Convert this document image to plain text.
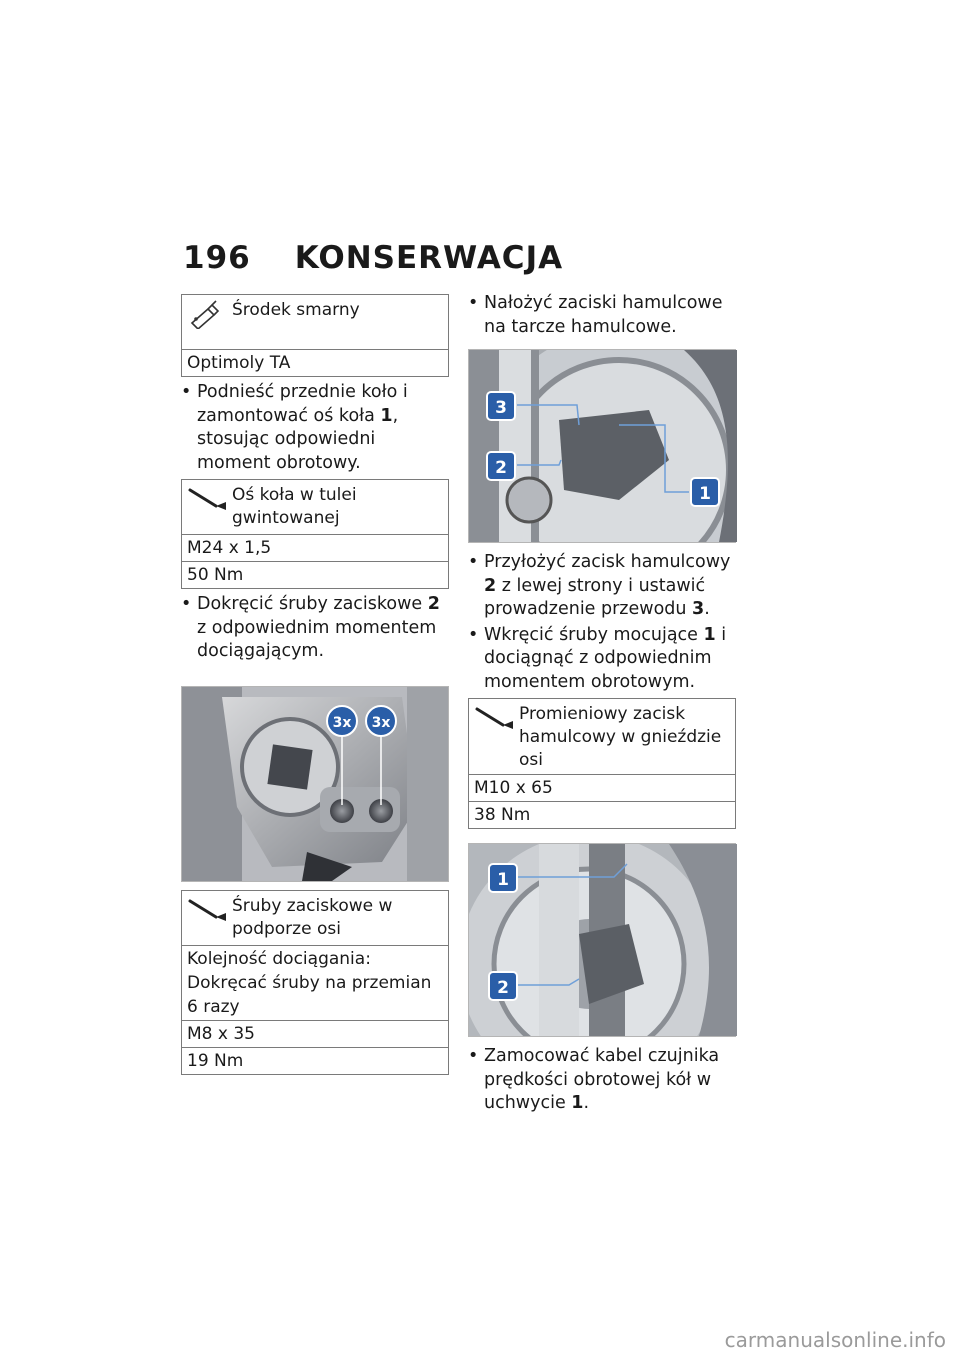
196 KONSERWACJA
Środek smarny
Optimoly TA
• Podnieść przednie koło i zamontować oś koła 1, stosując odpowiedni moment obrotowy.
Oś koła w tulei gwintowanej
M24 x 1,5
50 Nm
• Dokręcić śruby zaciskowe 2 z odpowiednim momentem dociągającym.
3x 3x
Śruby zaciskowe w podporze osi
Kolejność dociągania: Dokręcać śruby na przemian 6 razy
M8 x 35
19 Nm
• Nałożyć zaciski hamulcowe na tarcze hamulcowe.
3
2
1
• Przyłożyć zacisk hamulcowy 2 z lewej strony i ustawić prowadzenie przewodu 3.
• Wkręcić śruby mocujące 1 i dociągnąć z odpowiednim momentem obrotowym.
Promieniowy zacisk hamulcowy w gnieździe osi
M10 x 65
38 Nm
1
2
• Zamocować kabel czujnika prędkości obrotowej kół w uchwycie 1.
carmanualsonline.info
